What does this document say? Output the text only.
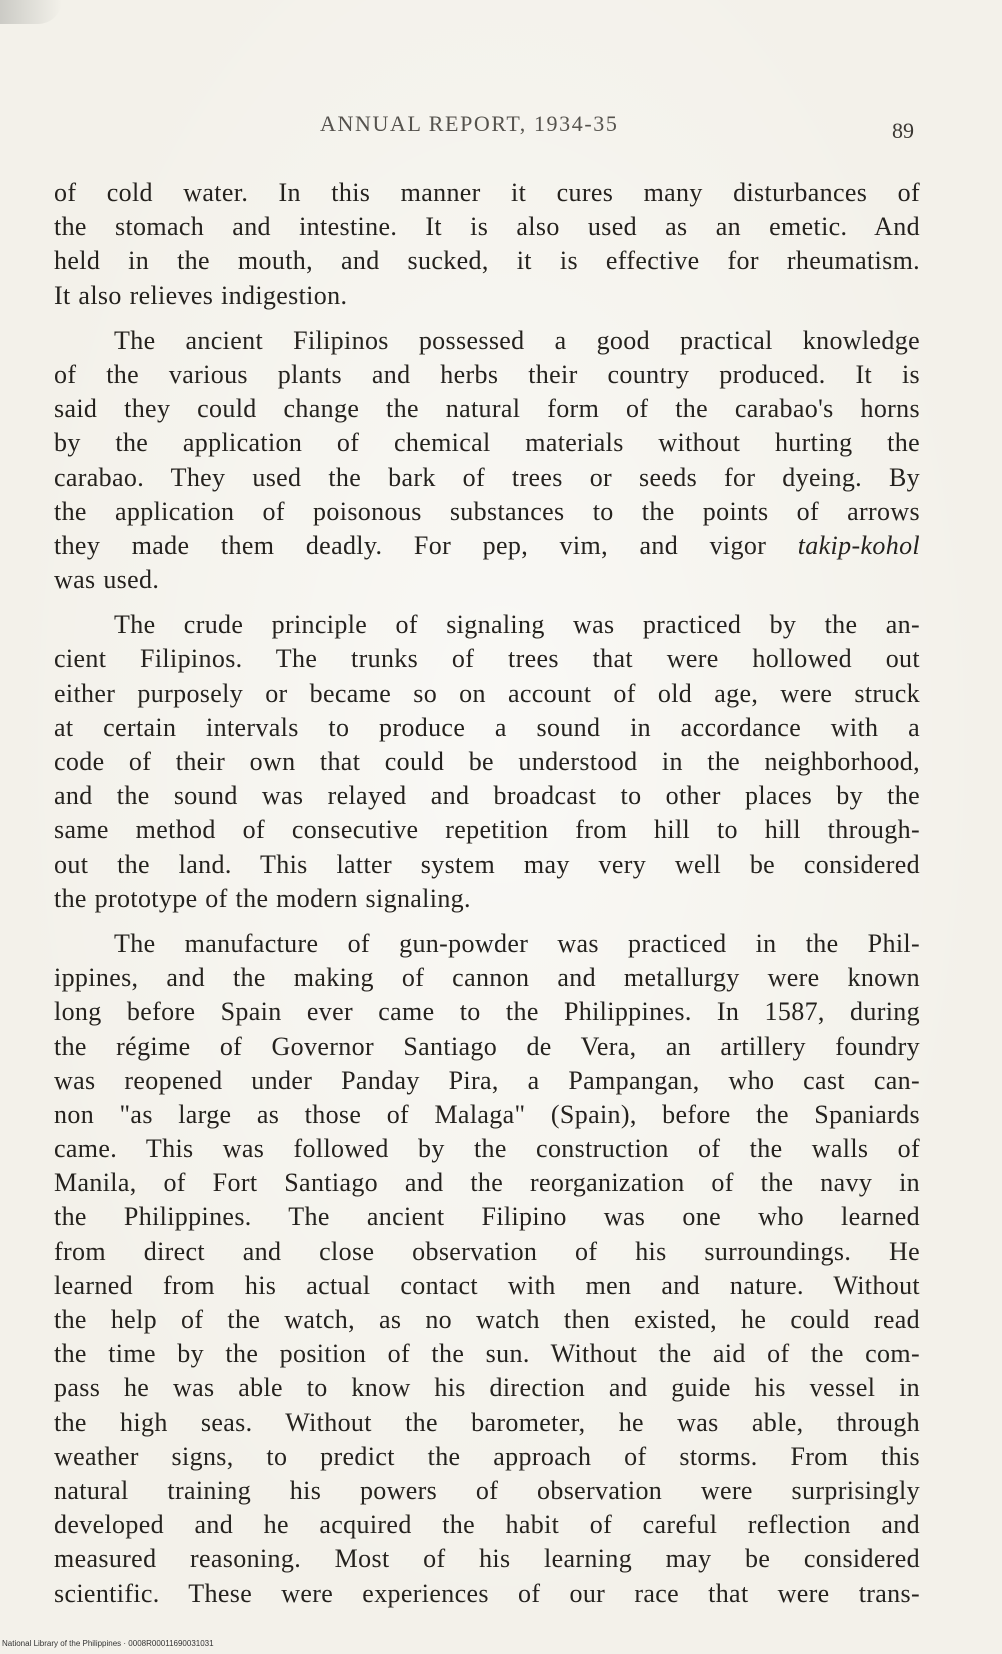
ANNUAL REPORT, 1934-35	89
of cold water. In this manner it cures many disturbances of
the stomach and intestine. It is also used as an emetic. And
held in the mouth, and sucked, it is effective for rheumatism.
It also relieves indigestion.
The ancient Filipinos possessed a good practical knowledge
of the various plants and herbs their country produced. It is
said they could change the natural form of the carabao's horns
by the application of chemical materials without hurting the
carabao. They used the bark of trees or seeds for dyeing. By
the application of poisonous substances to the points of arrows
they made them deadly. For pep, vim, and vigor takip-kohol
was used.
The crude principle of signaling was practiced by the an-
cient Filipinos. The trunks of trees that were hollowed out
either purposely or became so on account of old age, were struck
at certain intervals to produce a sound in accordance with a
code of their own that could be understood in the neighborhood,
and the sound was relayed and broadcast to other places by the
same method of consecutive repetition from hill to hill through-
out the land. This latter system may very well be considered
the prototype of the modern signaling.
The manufacture of gun-powder was practiced in the Phil-
ippines, and the making of cannon and metallurgy were known
long before Spain ever came to the Philippines. In 1587, during
the régime of Governor Santiago de Vera, an artillery foundry
was reopened under Panday Pira, a Pampangan, who cast can-
non "as large as those of Malaga" (Spain), before the Spaniards
came. This was followed by the construction of the walls of
Manila, of Fort Santiago and the reorganization of the navy in
the Philippines. The ancient Filipino was one who learned
from direct and close observation of his surroundings. He
learned from his actual contact with men and nature. Without
the help of the watch, as no watch then existed, he could read
the time by the position of the sun. Without the aid of the com-
pass he was able to know his direction and guide his vessel in
the high seas. Without the barometer, he was able, through
weather signs, to predict the approach of storms. From this
natural training his powers of observation were surprisingly
developed and he acquired the habit of careful reflection and
measured reasoning. Most of his learning may be considered
scientific. These were experiences of our race that were trans-
National Library of the Philippines · 0008R00011690031031
